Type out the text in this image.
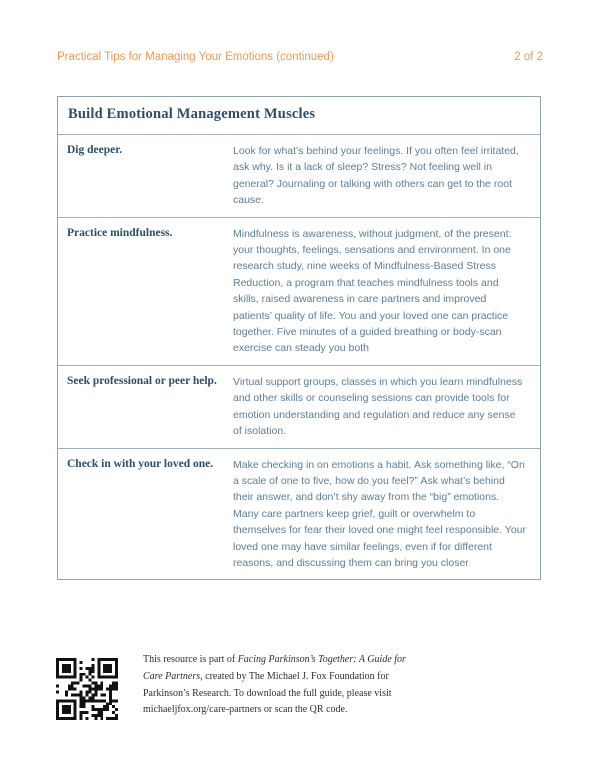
Practical Tips for Managing Your Emotions (continued)	2 of 2
Build Emotional Management Muscles
Dig deeper.	Look for what’s behind your feelings. If you often feel irritated, ask why. Is it a lack of sleep? Stress? Not feeling well in general? Journaling or talking with others can get to the root cause.
Practice mindfulness.	Mindfulness is awareness, without judgment, of the present: your thoughts, feelings, sensations and environment. In one research study, nine weeks of Mindfulness-Based Stress Reduction, a program that teaches mindfulness tools and skills, raised awareness in care partners and improved patients’ quality of life. You and your loved one can practice together. Five minutes of a guided breathing or body-scan exercise can steady you both
Seek professional or peer help.	Virtual support groups, classes in which you learn mindfulness and other skills or counseling sessions can provide tools for emotion understanding and regulation and reduce any sense of isolation.
Check in with your loved one.	Make checking in on emotions a habit. Ask something like, “On a scale of one to five, how do you feel?” Ask what’s behind their answer, and don’t shy away from the “big” emotions. Many care partners keep grief, guilt or overwhelm to themselves for fear their loved one might feel responsible. Your loved one may have similar feelings, even if for different reasons, and discussing them can bring you closer

This resource is part of Facing Parkinson’s Together: A Guide for Care Partners, created by The Michael J. Fox Foundation for Parkinson’s Research. To download the full guide, please visit michaeljfox.org/care-partners or scan the QR code.
